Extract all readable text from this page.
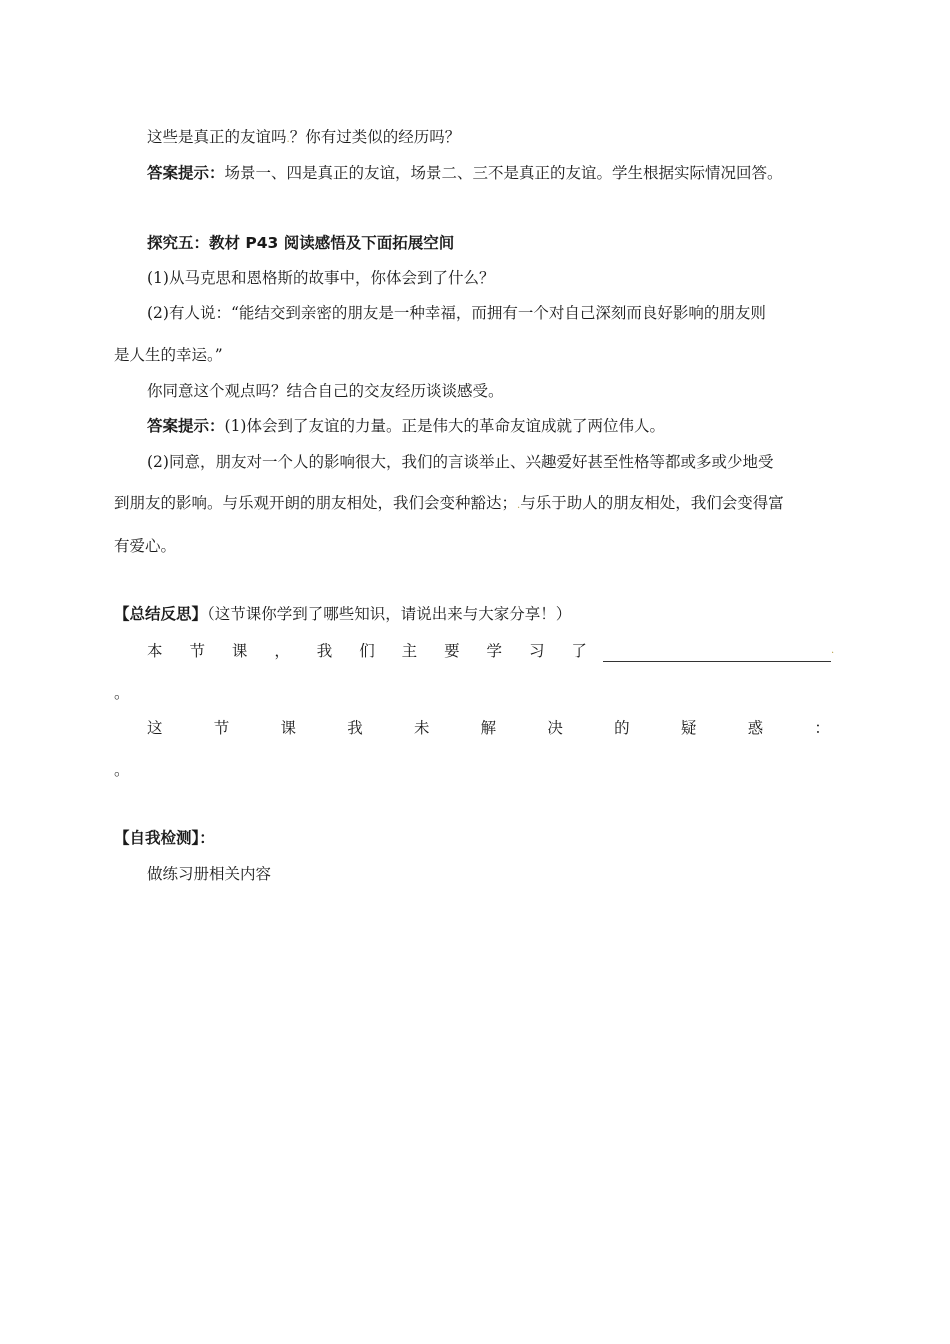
这些是真正的友谊吗.？你有过类似的经历吗？
答案提示：场景一、四是真正的友谊，场景二、三不是真正的友谊。学生根据实际情况回答。
探究五：教材 P43 阅读感悟及下面拓展空间
(1)从马克思和恩格斯的故事中，你体会到了什么？
(2)有人说：“能结交到亲密的朋友是一种幸福，而拥有一个对自己深刻而良好影响的朋友则
是人生的幸运。”
你同意这个观点吗？结合自己的交友经历谈谈感受。
答案提示：(1)体会到了友谊的力量。正是伟大的革命友谊成就了两位伟人。
(2)同意，朋友对一个人的影响很大，我们的言谈举止、兴趣爱好甚至性格等都或多或少地受
到朋友的影响。与乐观开朗的朋友相处，我们会变种豁达；.与乐于助人的朋友相处，我们会变得富
有爱心。
【总结反思】（这节课你学到了哪些知识，请说出来与大家分享！）
本 节 课 ， 我 们 主 要 学 习 了	.
。
这	节	课	我	未	解	决	的	疑	惑	：
。
【自我检测】：
做练习册相关内容
